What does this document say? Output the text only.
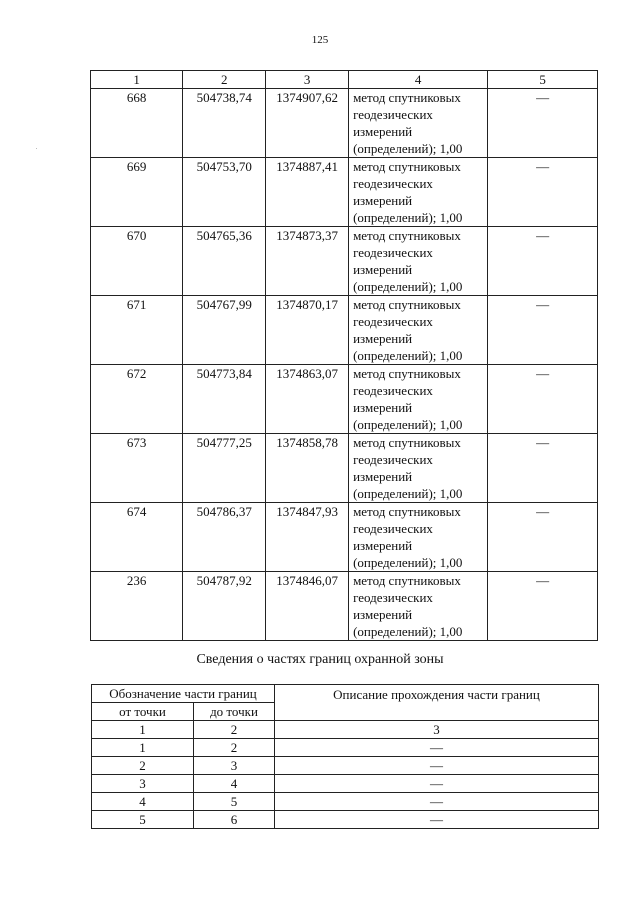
125
1	2	3	4	5
668	504738,74	1374907,62	метод спутниковых геодезических измерений (определений); 1,00	—
669	504753,70	1374887,41	метод спутниковых геодезических измерений (определений); 1,00	—
670	504765,36	1374873,37	метод спутниковых геодезических измерений (определений); 1,00	—
671	504767,99	1374870,17	метод спутниковых геодезических измерений (определений); 1,00	—
672	504773,84	1374863,07	метод спутниковых геодезических измерений (определений); 1,00	—
673	504777,25	1374858,78	метод спутниковых геодезических измерений (определений); 1,00	—
674	504786,37	1374847,93	метод спутниковых геодезических измерений (определений); 1,00	—
236	504787,92	1374846,07	метод спутниковых геодезических измерений (определений); 1,00	—
Сведения о частях границ охранной зоны
Обозначение части границ		Описание прохождения части границ
от точки	до точки	
1	2	3
1	2	—
2	3	—
3	4	—
4	5	—
5	6	—
